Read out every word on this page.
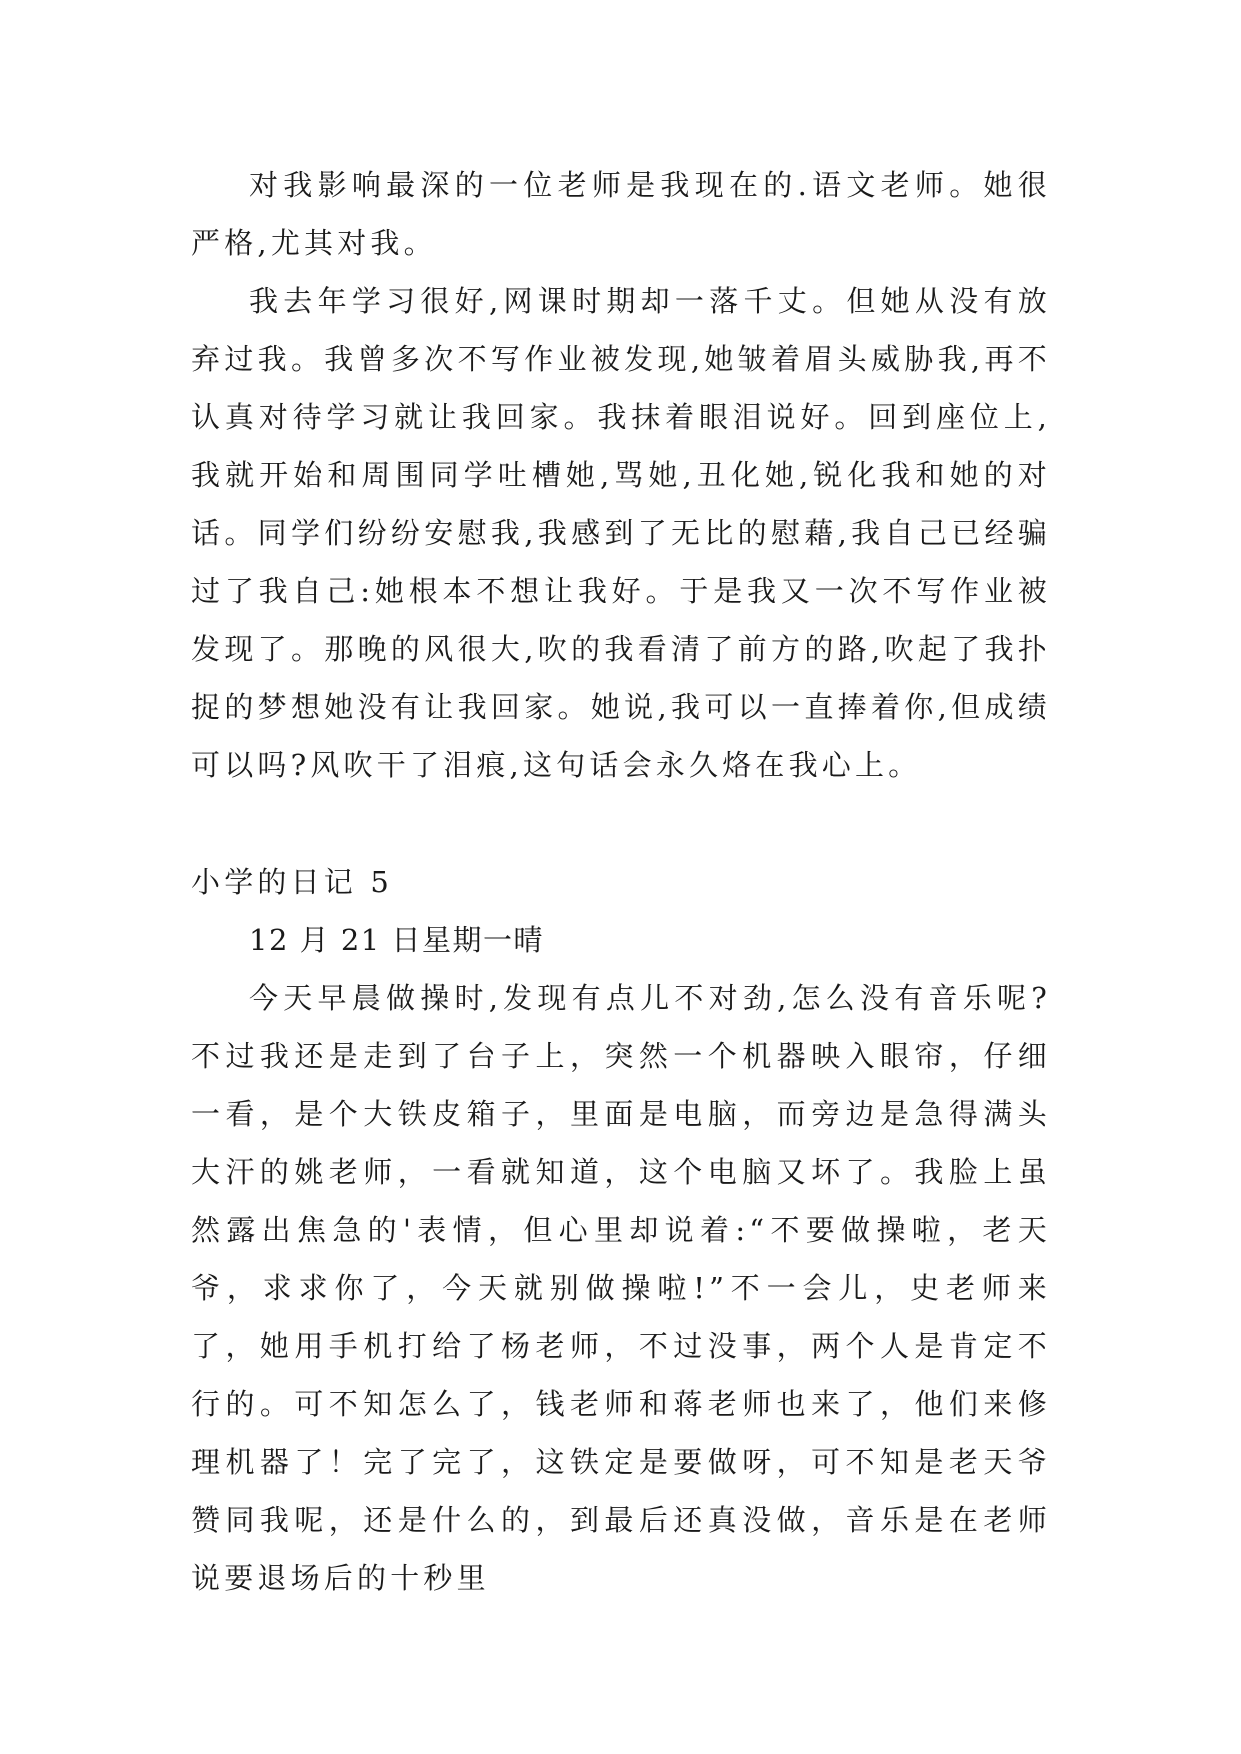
对我影响最深的一位老师是我现在的.语文老师。她很严格,尤其对我。

我去年学习很好,网课时期却一落千丈。但她从没有放弃过我。我曾多次不写作业被发现,她皱着眉头威胁我,再不认真对待学习就让我回家。我抹着眼泪说好。回到座位上,我就开始和周围同学吐槽她,骂她,丑化她,锐化我和她的对话。同学们纷纷安慰我,我感到了无比的慰藉,我自己已经骗过了我自己:她根本不想让我好。于是我又一次不写作业被发现了。那晚的风很大,吹的我看清了前方的路,吹起了我扑捉的梦想她没有让我回家。她说,我可以一直捧着你,但成绩可以吗?风吹干了泪痕,这句话会永久烙在我心上。

小学的日记 5

12 月 21 日星期一晴

今天早晨做操时,发现有点儿不对劲,怎么没有音乐呢?不过我还是走到了台子上，突然一个机器映入眼帘，仔细一看，是个大铁皮箱子，里面是电脑，而旁边是急得满头大汗的姚老师，一看就知道，这个电脑又坏了。我脸上虽然露出焦急的'表情，但心里却说着:“不要做操啦，老天爷，求求你了，今天就别做操啦!”不一会儿，史老师来了，她用手机打给了杨老师，不过没事，两个人是肯定不行的。可不知怎么了，钱老师和蒋老师也来了，他们来修理机器了！完了完了，这铁定是要做呀，可不知是老天爷赞同我呢，还是什么的，到最后还真没做，音乐是在老师说要退场后的十秒里
